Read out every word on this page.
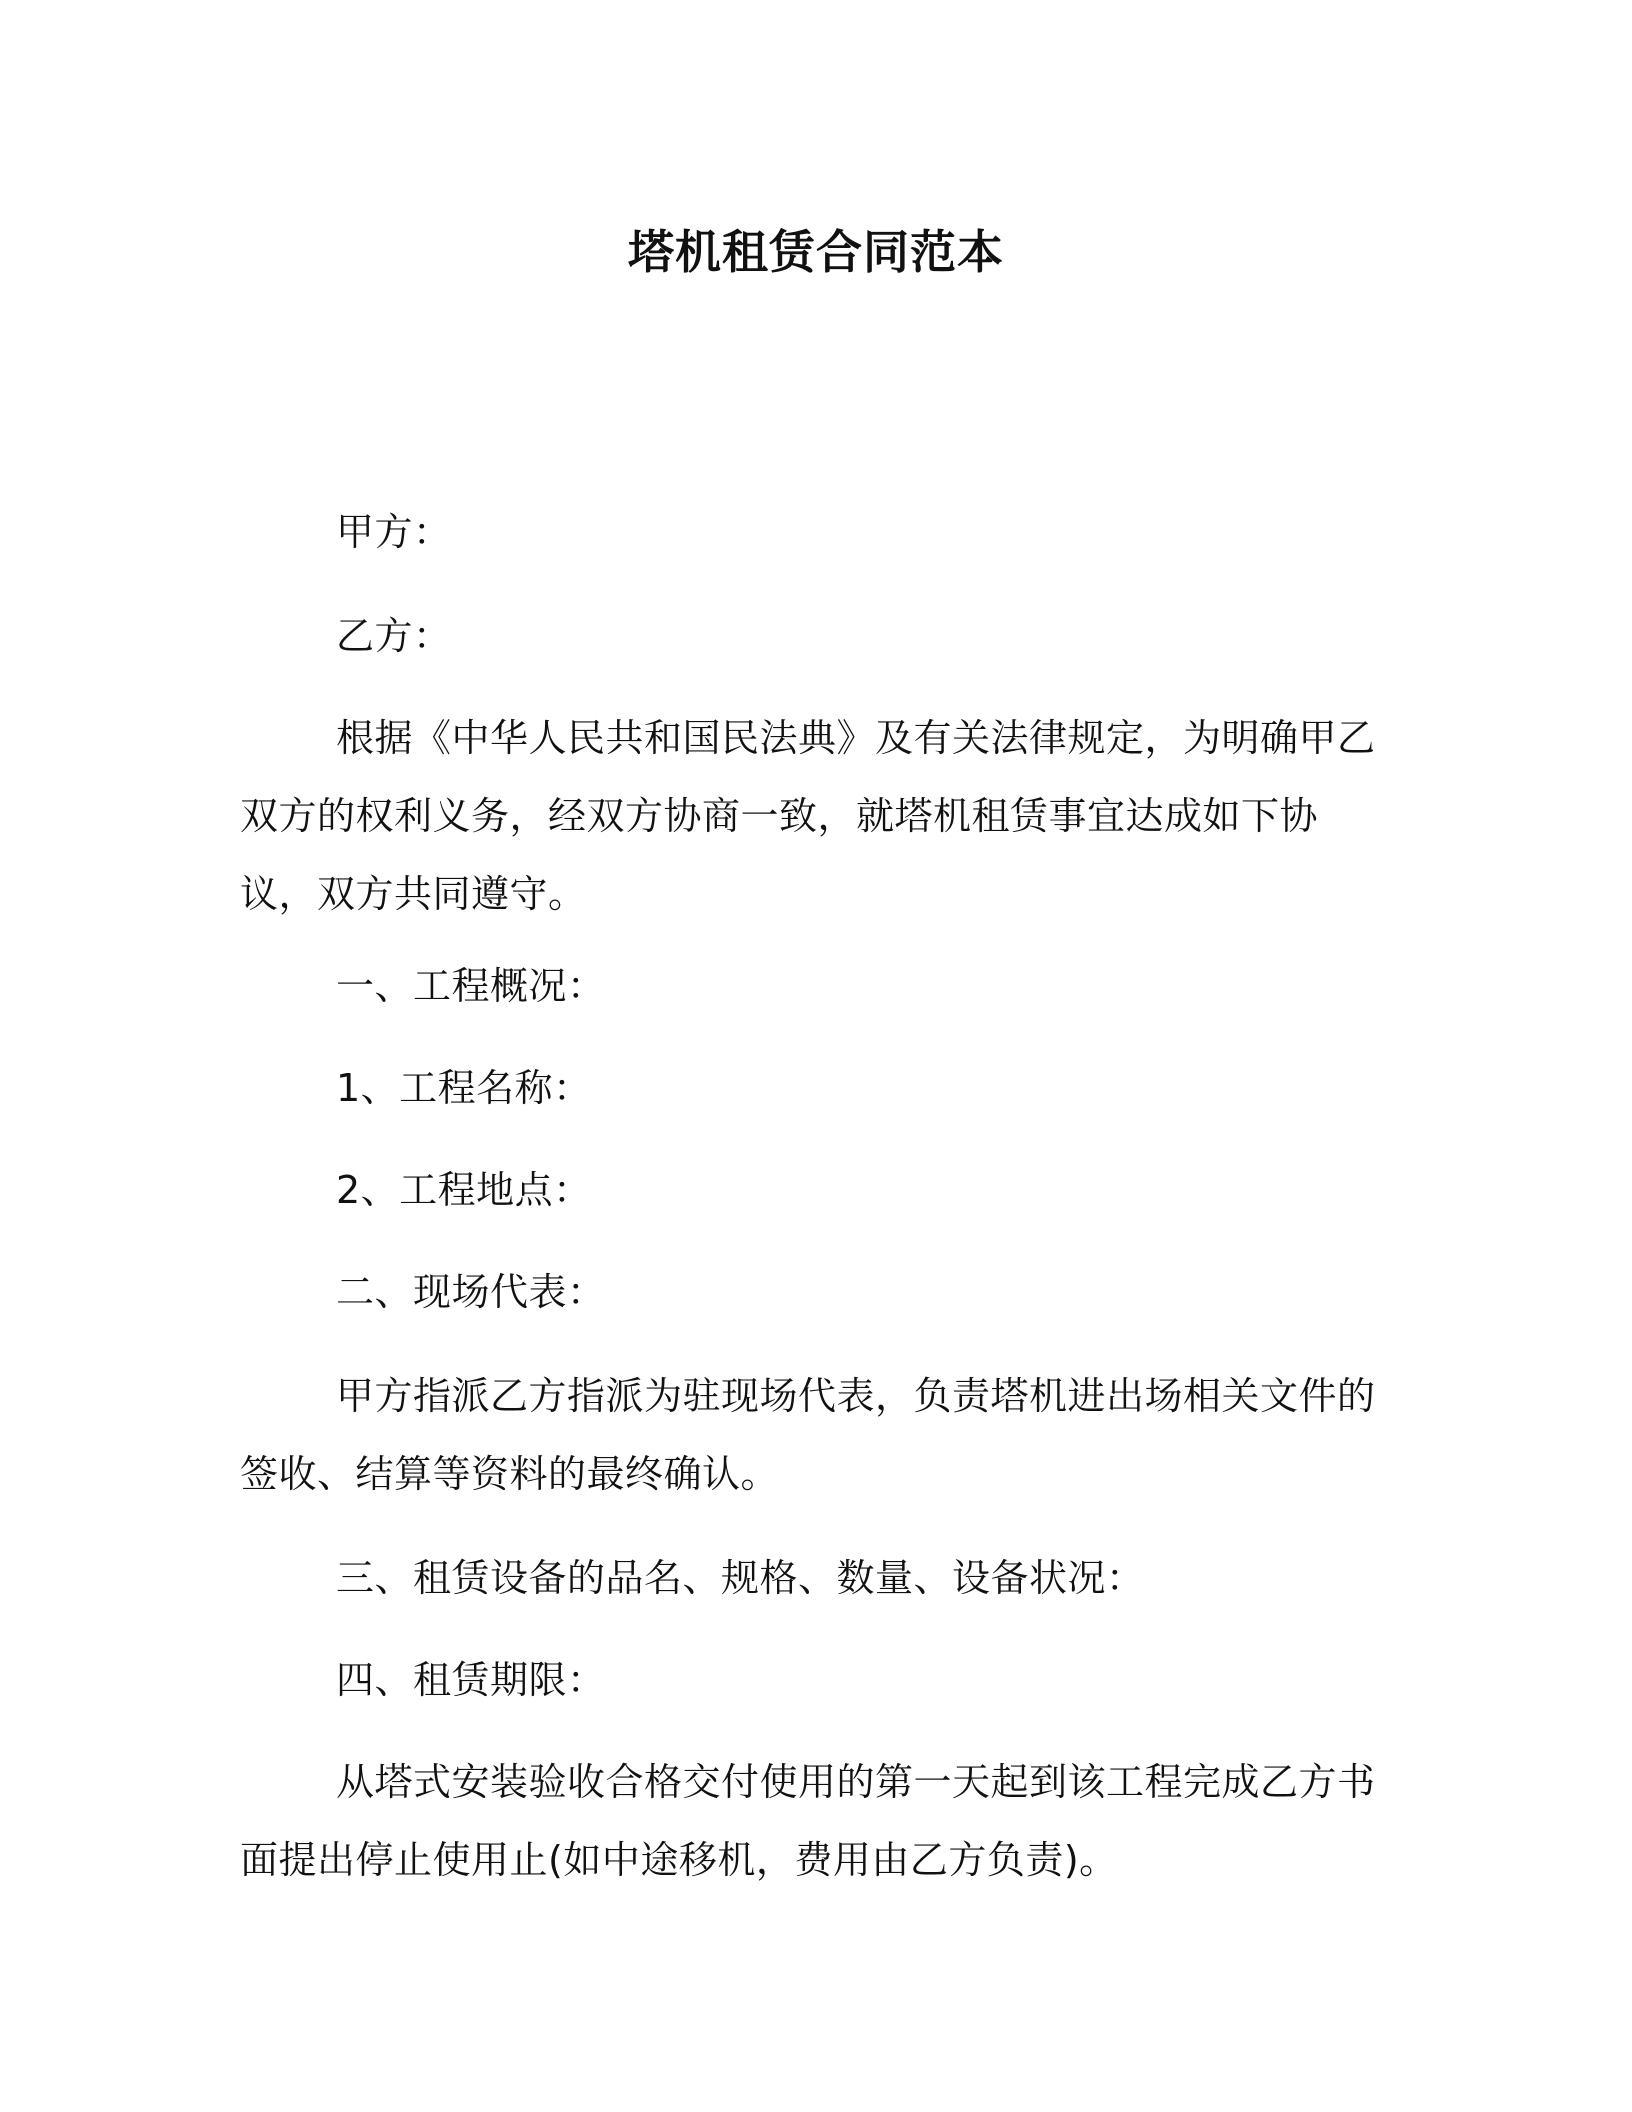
塔机租赁合同范本

甲方：

乙方：

根据《中华人民共和国民法典》及有关法律规定，为明确甲乙双方的权利义务，经双方协商一致，就塔机租赁事宜达成如下协议，双方共同遵守。

一、工程概况：

1、工程名称：

2、工程地点：

二、现场代表：

甲方指派乙方指派为驻现场代表，负责塔机进出场相关文件的签收、结算等资料的最终确认。

三、租赁设备的品名、规格、数量、设备状况：

四、租赁期限：

从塔式安装验收合格交付使用的第一天起到该工程完成乙方书面提出停止使用止(如中途移机，费用由乙方负责)。
